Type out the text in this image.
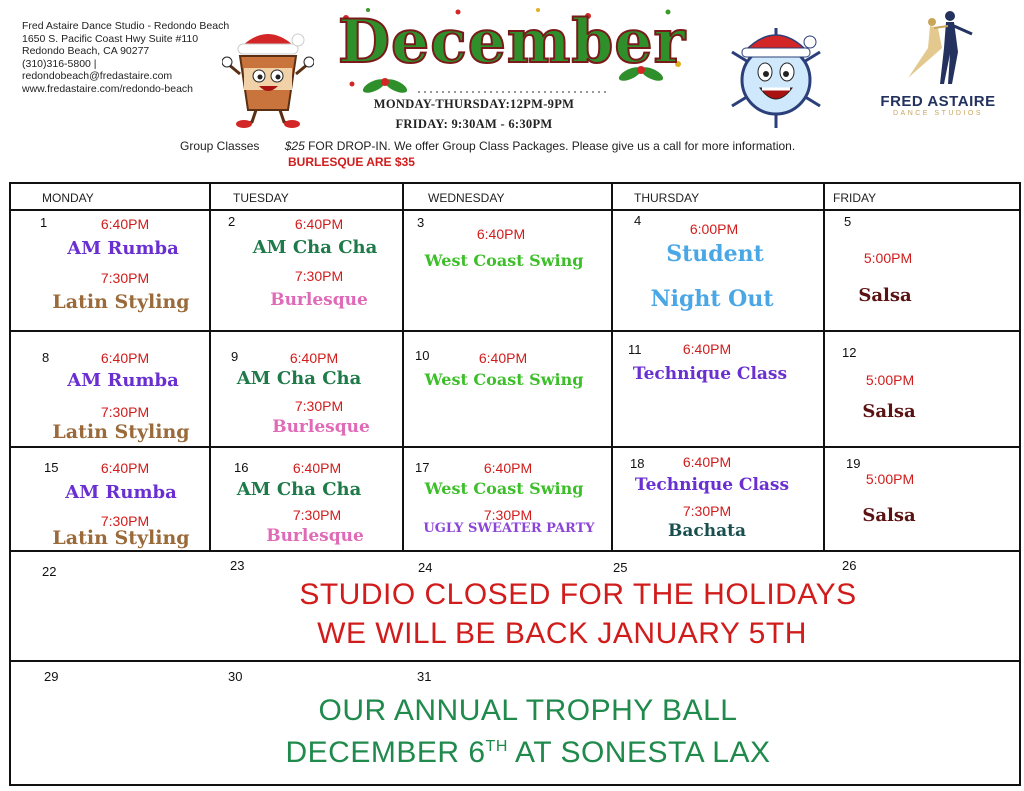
Fred Astaire Dance Studio - Redondo Beach
1650 S. Pacific Coast Hwy Suite #110
Redondo Beach, CA 90277
(310)316-5800 |
redondobeach@fredastaire.com
www.fredastaire.com/redondo-beach
December
MONDAY-THURSDAY:12PM-9PM
FRIDAY: 9:30AM - 6:30PM
FRED ASTAIRE
DANCE STUDIOS
Group Classes $25 FOR DROP-IN. We offer Group Class Packages. Please give us a call for more information.
BURLESQUE ARE $35
MONDAY	TUESDAY	WEDNESDAY	THURSDAY	FRIDAY
1	6:40PM
AM Rumba
7:30PM
Latin Styling
2	6:40PM
AM Cha Cha
7:30PM
Burlesque
3
6:40PM
West Coast Swing
4
6:00PM
Student
Night Out
5
5:00PM
Salsa
8	6:40PM
AM Rumba
7:30PM
Latin Styling
9	6:40PM
AM Cha Cha
7:30PM
Burlesque
10	6:40PM
West Coast Swing
11	6:40PM
Technique Class
12
5:00PM
Salsa
15	6:40PM
AM Rumba
7:30PM
Latin Styling
16	6:40PM
AM Cha Cha
7:30PM
Burlesque
17	6:40PM
West Coast Swing
7:30PM
UGLY SWEATER PARTY
18	6:40PM
Technique Class
7:30PM
Bachata
19
5:00PM
Salsa
22	23	24	25	26
STUDIO CLOSED FOR THE HOLIDAYS
WE WILL BE BACK JANUARY 5TH
29	30	31
OUR ANNUAL TROPHY BALL
DECEMBER 6TH AT SONESTA LAX
